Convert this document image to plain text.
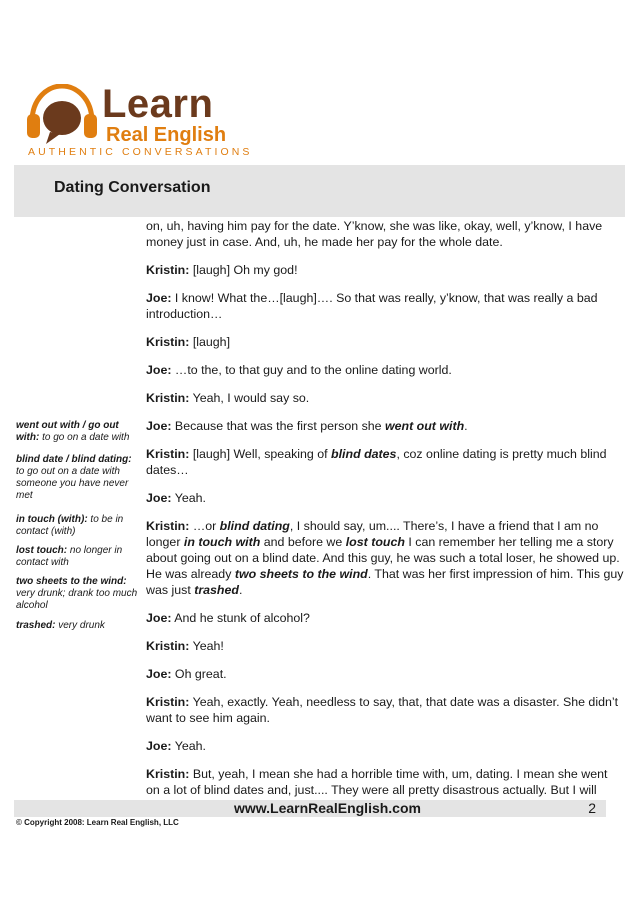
Learn
Real English
AUTHENTIC CONVERSATIONS
Dating Conversation

on, uh, having him pay for the date. Y’know, she was like, okay, well, y’know, I have money just in case. And, uh, he made her pay for the whole date.

Kristin: [laugh] Oh my god!

Joe: I know! What the…[laugh]…. So that was really, y’know, that was really a bad introduction…

Kristin: [laugh]

Joe: …to the, to that guy and to the online dating world.

Kristin: Yeah, I would say so.

Joe: Because that was the first person she went out with.

Kristin: [laugh] Well, speaking of blind dates, coz online dating is pretty much blind dates…

Joe: Yeah.

Kristin: …or blind dating, I should say, um.... There’s, I have a friend that I am no longer in touch with and before we lost touch I can remember her telling me a story about going out on a blind date. And this guy, he was such a total loser, he showed up. He was already two sheets to the wind. That was her first impression of him. This guy was just trashed.

Joe: And he stunk of alcohol?

Kristin: Yeah!

Joe: Oh great.

Kristin: Yeah, exactly. Yeah, needless to say, that, that date was a disaster. She didn’t want to see him again.

Joe: Yeah.

Kristin: But, yeah, I mean she had a horrible time with, um, dating. I mean she went on a lot of blind dates and, just.... They were all pretty disastrous actually. But I will

went out with / go out with: to go on a date with
blind date / blind dating: to go out on a date with someone you have never met
in touch (with): to be in contact (with)
lost touch: no longer in contact with
two sheets to the wind: very drunk; drank too much alcohol
trashed: very drunk
www.LearnRealEnglish.com	2
© Copyright 2008: Learn Real English, LLC
